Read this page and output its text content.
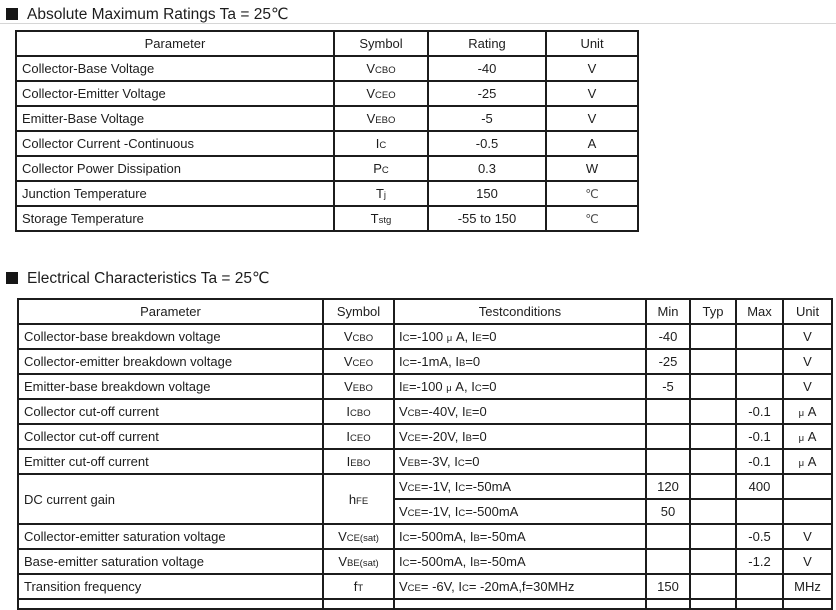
Absolute Maximum Ratings Ta = 25℃
Parameter	Symbol	Rating	Unit
Collector-Base Voltage	VCBO	-40	V
Collector-Emitter Voltage	VCEO	-25	V
Emitter-Base Voltage	VEBO	-5	V
Collector Current -Continuous	IC	-0.5	A
Collector Power Dissipation	PC	0.3	W
Junction Temperature	Tj	150	℃
Storage Temperature	Tstg	-55 to 150	℃
Electrical Characteristics Ta = 25℃
Parameter	Symbol	Testconditions	Min	Typ	Max	Unit
Collector-base breakdown voltage	VCBO	IC=-100 μ A, IE=0	-40			V
Collector-emitter breakdown voltage	VCEO	IC=-1mA, IB=0	-25			V
Emitter-base breakdown voltage	VEBO	IE=-100 μ A, IC=0	-5			V
Collector cut-off current	ICBO	VCB=-40V, IE=0			-0.1	μ A
Collector cut-off current	ICEO	VCE=-20V, IB=0			-0.1	μ A
Emitter cut-off current	IEBO	VEB=-3V, IC=0			-0.1	μ A
DC current gain	hFE	VCE=-1V, IC=-50mA	120		400	
		VCE=-1V, IC=-500mA	50			
Collector-emitter saturation voltage	VCE(sat)	IC=-500mA, IB=-50mA			-0.5	V
Base-emitter saturation voltage	VBE(sat)	IC=-500mA, IB=-50mA			-1.2	V
Transition frequency	fT	VCE= -6V, IC= -20mA,f=30MHz	150			MHz
